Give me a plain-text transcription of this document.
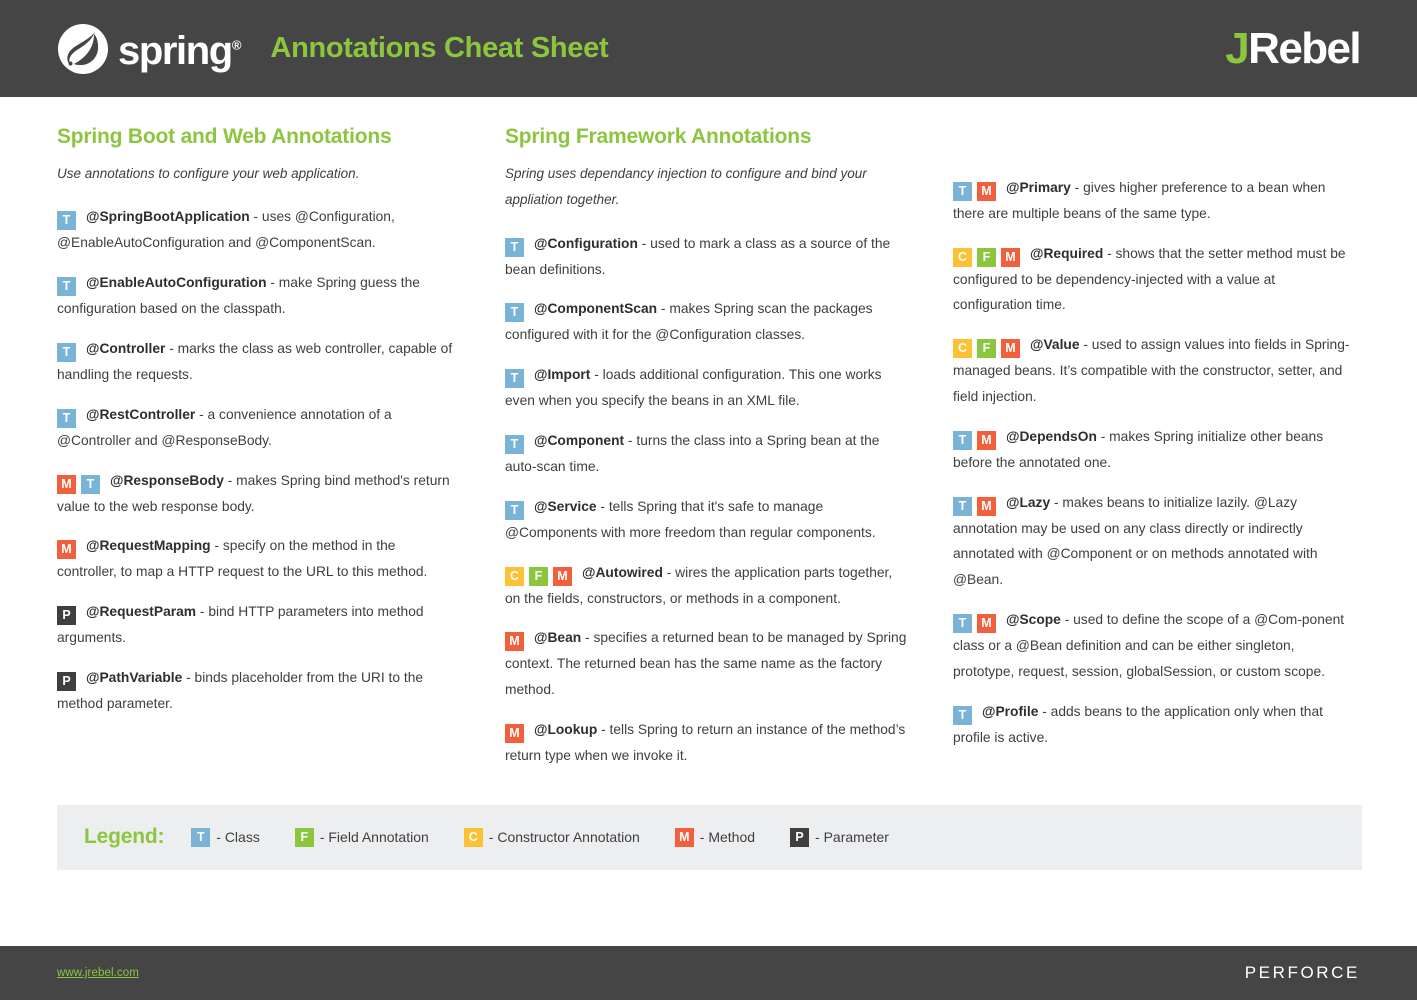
spring® Annotations Cheat Sheet	JRebel
Spring Boot and Web Annotations

Use annotations to configure your web application.

T @SpringBootApplication - uses @Configuration, @EnableAutoConfiguration and @ComponentScan.

T @EnableAutoConfiguration - make Spring guess the configuration based on the classpath.

T @Controller - marks the class as web controller, capable of handling the requests.

T @RestController - a convenience annotation of a @Controller and @ResponseBody.

M T @ResponseBody - makes Spring bind method's return value to the web response body.

M @RequestMapping - specify on the method in the controller, to map a HTTP request to the URL to this method.

P @RequestParam - bind HTTP parameters into method arguments.

P @PathVariable - binds placeholder from the URI to the method parameter.

Spring Framework Annotations

Spring uses dependancy injection to configure and bind your appliation together.

T @Configuration - used to mark a class as a source of the bean definitions.

T @ComponentScan - makes Spring scan the packages configured with it for the @Configuration classes.

T @Import - loads additional configuration. This one works even when you specify the beans in an XML file.

T @Component - turns the class into a Spring bean at the auto-scan time.

T @Service - tells Spring that it's safe to manage @Components with more freedom than regular components.

C F M @Autowired - wires the application parts together, on the fields, constructors, or methods in a component.

M @Bean - specifies a returned bean to be managed by Spring context. The returned bean has the same name as the factory method.

M @Lookup - tells Spring to return an instance of the method’s return type when we invoke it.

T M @Primary - gives higher preference to a bean when there are multiple beans of the same type.

C F M @Required - shows that the setter method must be configured to be dependency-injected with a value at configuration time.

C F M @Value - used to assign values into fields in Spring-managed beans. It’s compatible with the constructor, setter, and field injection.

T M @DependsOn - makes Spring initialize other beans before the annotated one.

T M @Lazy - makes beans to initialize lazily. @Lazy annotation may be used on any class directly or indirectly annotated with @Component or on methods annotated with @Bean.

T M @Scope - used to define the scope of a @Com-ponent class or a @Bean definition and can be either singleton, prototype, request, session, globalSession, or custom scope.

T @Profile - adds beans to the application only when that profile is active.

Legend:	T - Class	F - Field Annotation	C - Constructor Annotation	M - Method	P - Parameter
www.jrebel.com	PERFORCE
